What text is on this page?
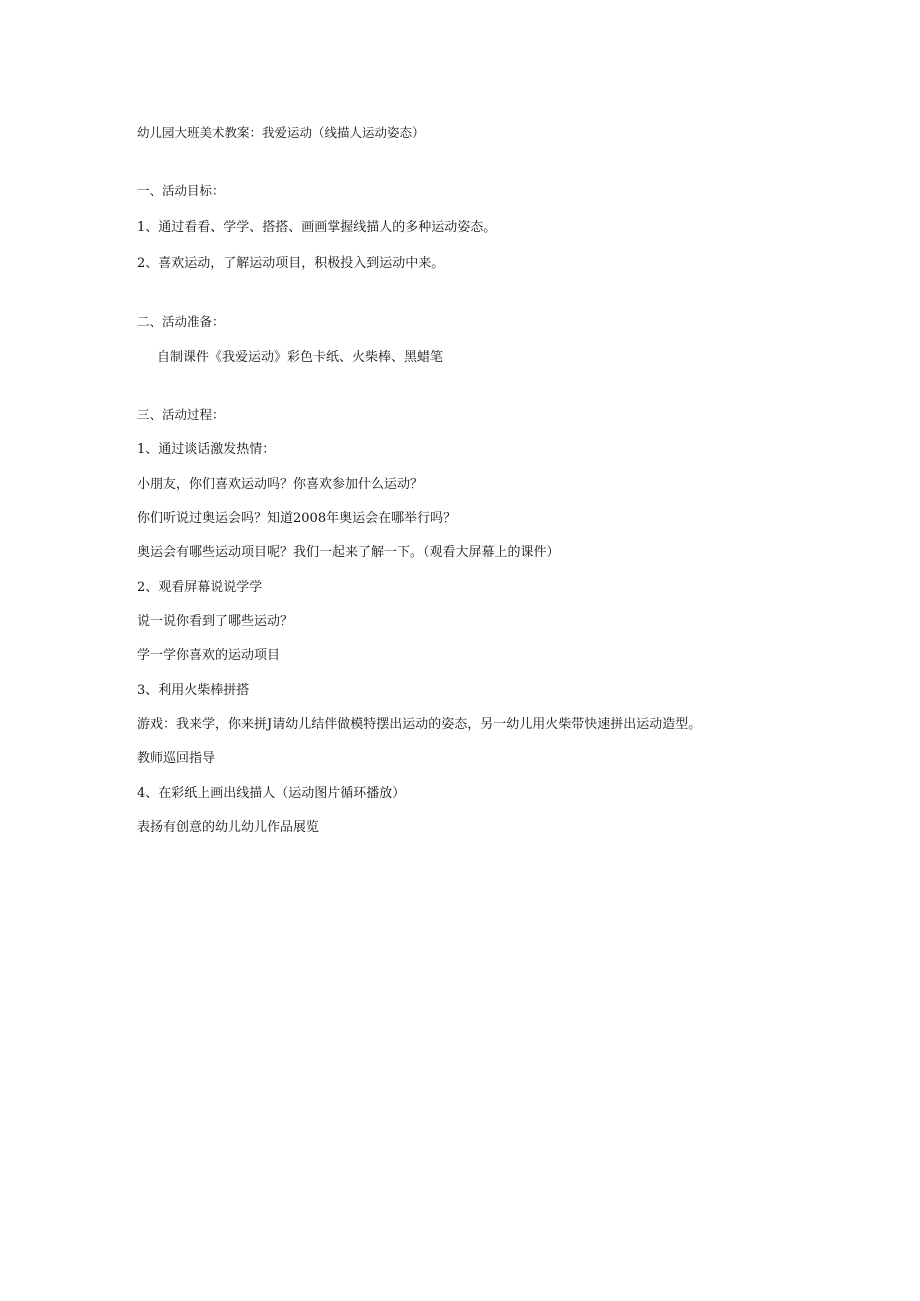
幼儿园大班美术教案：我爱运动（线描人运动姿态）
一、活动目标：
1、通过看看、学学、搭搭、画画掌握线描人的多种运动姿态。
2、喜欢运动，了解运动项目，积极投入到运动中来。
二、活动准备：
自制课件《我爱运动》彩色卡纸、火柴棒、黑蜡笔
三、活动过程：
1、通过谈话激发热情：
小朋友，你们喜欢运动吗？你喜欢参加什么运动？
你们听说过奥运会吗？知道2008年奥运会在哪举行吗？
奥运会有哪些运动项目呢？我们一起来了解一下。（观看大屏幕上的课件）
2、观看屏幕说说学学
说一说你看到了哪些运动？
学一学你喜欢的运动项目
3、利用火柴棒拼搭
游戏：我来学，你来拼J请幼儿结伴做模特摆出运动的姿态，另一幼儿用火柴带快速拼出运动造型。
教师巡回指导
4、在彩纸上画出线描人（运动图片循环播放）
表扬有创意的幼儿幼儿作品展览
